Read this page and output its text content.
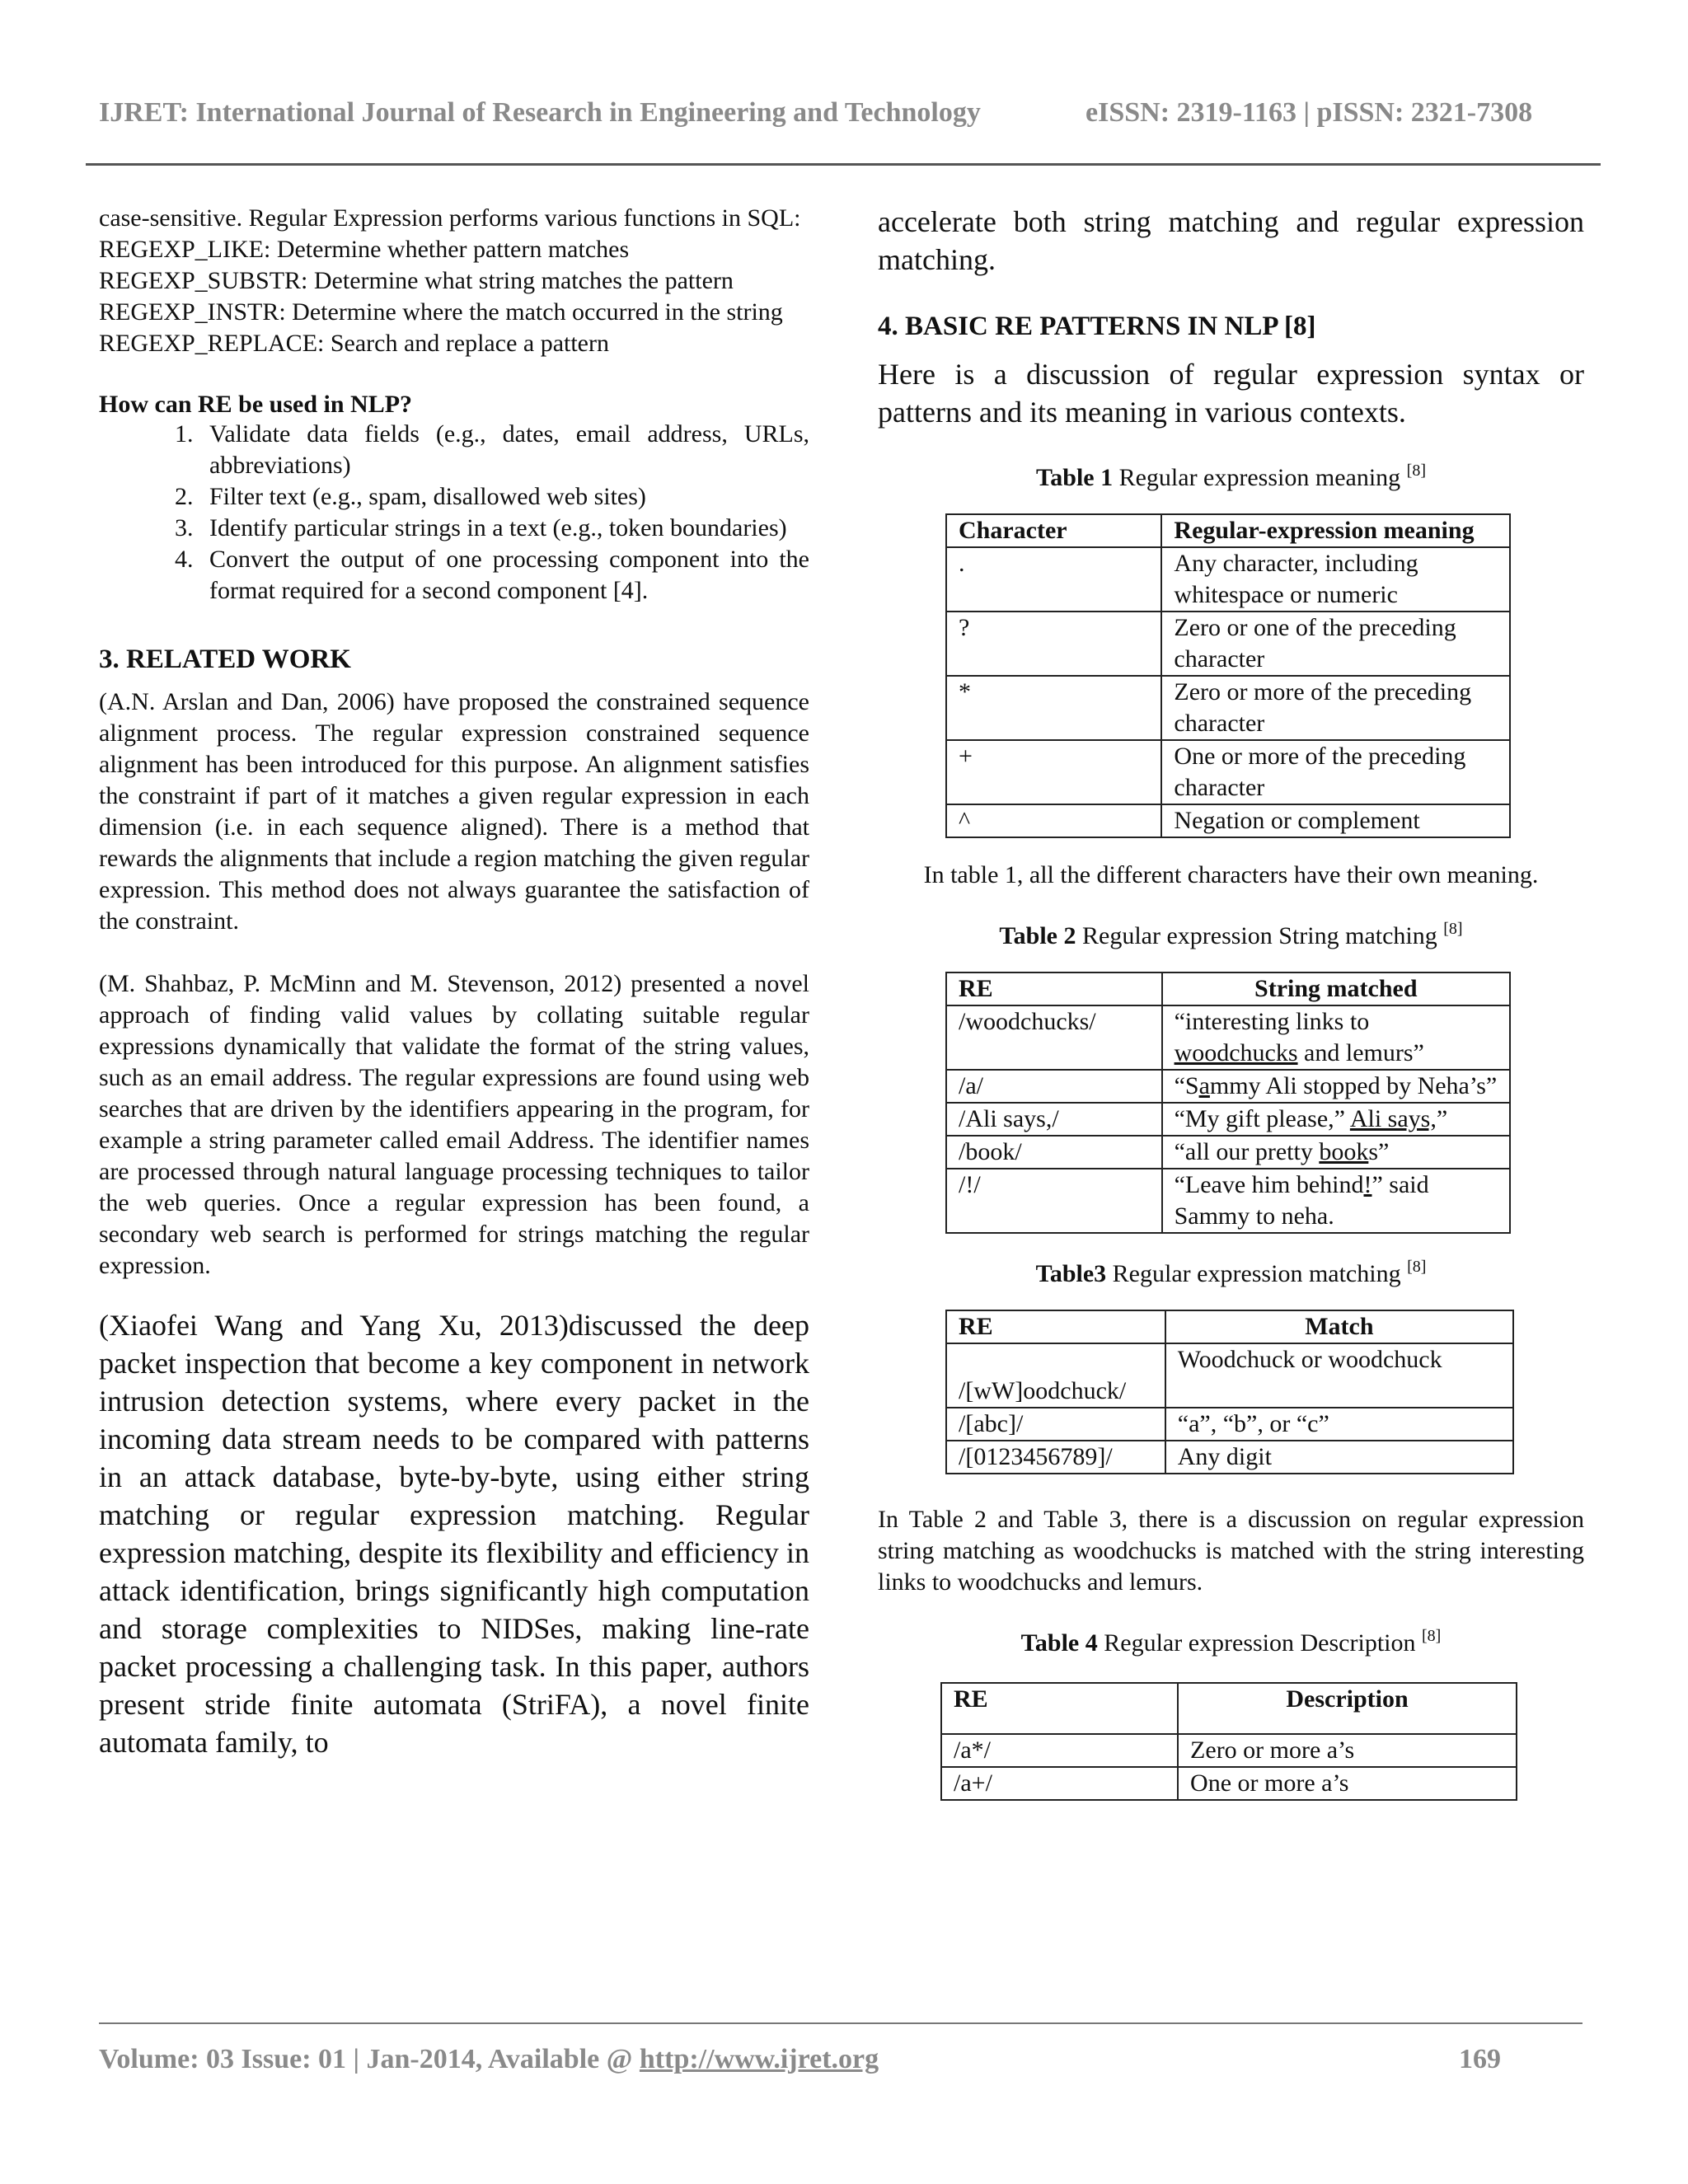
IJRET: International Journal of Research in Engineering and Technology	eISSN: 2319-1163 | pISSN: 2321-7308

case-sensitive. Regular Expression performs various functions in SQL:

REGEXP_LIKE: Determine whether pattern matches

REGEXP_SUBSTR: Determine what string matches the pattern

REGEXP_INSTR: Determine where the match occurred in the string

REGEXP_REPLACE: Search and replace a pattern

How can RE be used in NLP?

1. Validate data fields (e.g., dates, email address, URLs, abbreviations)
2. Filter text (e.g., spam, disallowed web sites)
3. Identify particular strings in a text (e.g., token boundaries)
4. Convert the output of one processing component into the format required for a second component [4].

3. RELATED WORK

(A.N. Arslan and Dan, 2006) have proposed the constrained sequence alignment process. The regular expression constrained sequence alignment has been introduced for this purpose. An alignment satisfies the constraint if part of it matches a given regular expression in each dimension (i.e. in each sequence aligned). There is a method that rewards the alignments that include a region matching the given regular expression. This method does not always guarantee the satisfaction of the constraint.

(M. Shahbaz, P. McMinn and M. Stevenson, 2012) presented a novel approach of finding valid values by collating suitable regular expressions dynamically that validate the format of the string values, such as an email address. The regular expressions are found using web searches that are driven by the identifiers appearing in the program, for example a string parameter called email Address. The identifier names are processed through natural language processing techniques to tailor the web queries. Once a regular expression has been found, a secondary web search is performed for strings matching the regular expression.

(Xiaofei Wang and Yang Xu, 2013)discussed the deep packet inspection that become a key component in network intrusion detection systems, where every packet in the incoming data stream needs to be compared with patterns in an attack database, byte-by-byte, using either string matching or regular expression matching. Regular expression matching, despite its flexibility and efficiency in attack identification, brings significantly high computation and storage complexities to NIDSes, making line-rate packet processing a challenging task. In this paper, authors present stride finite automata (StriFA), a novel finite automata family, to

accelerate both string matching and regular expression matching.

4. BASIC RE PATTERNS IN NLP [8]

Here is a discussion of regular expression syntax or patterns and its meaning in various contexts.

Table 1 Regular expression meaning [8]

Character	Regular-expression meaning
.	Any character, including whitespace or numeric
?	Zero or one of the preceding character
*	Zero or more of the preceding character
+	One or more of the preceding character
^	Negation or complement

In table 1, all the different characters have their own meaning.

Table 2 Regular expression String matching [8]

RE	String matched
/woodchucks/	“interesting links to woodchucks and lemurs”
/a/	“Sammy Ali stopped by Neha’s”
/Ali says,/	“My gift please,” Ali says,”
/book/	“all our pretty books”
/!/	“Leave him behind!” said Sammy to neha.

Table3 Regular expression matching [8]

RE	Match
/[wW]oodchuck/	Woodchuck or woodchuck
/[abc]/	“a”, “b”, or “c”
/[0123456789]/	Any digit

In Table 2 and Table 3, there is a discussion on regular expression string matching as woodchucks is matched with the string interesting links to woodchucks and lemurs.

Table 4 Regular expression Description [8]

RE	Description
/a*/	Zero or more a’s
/a+/	One or more a’s
Volume: 03 Issue: 01 | Jan-2014, Available @ http://www.ijret.org	169
